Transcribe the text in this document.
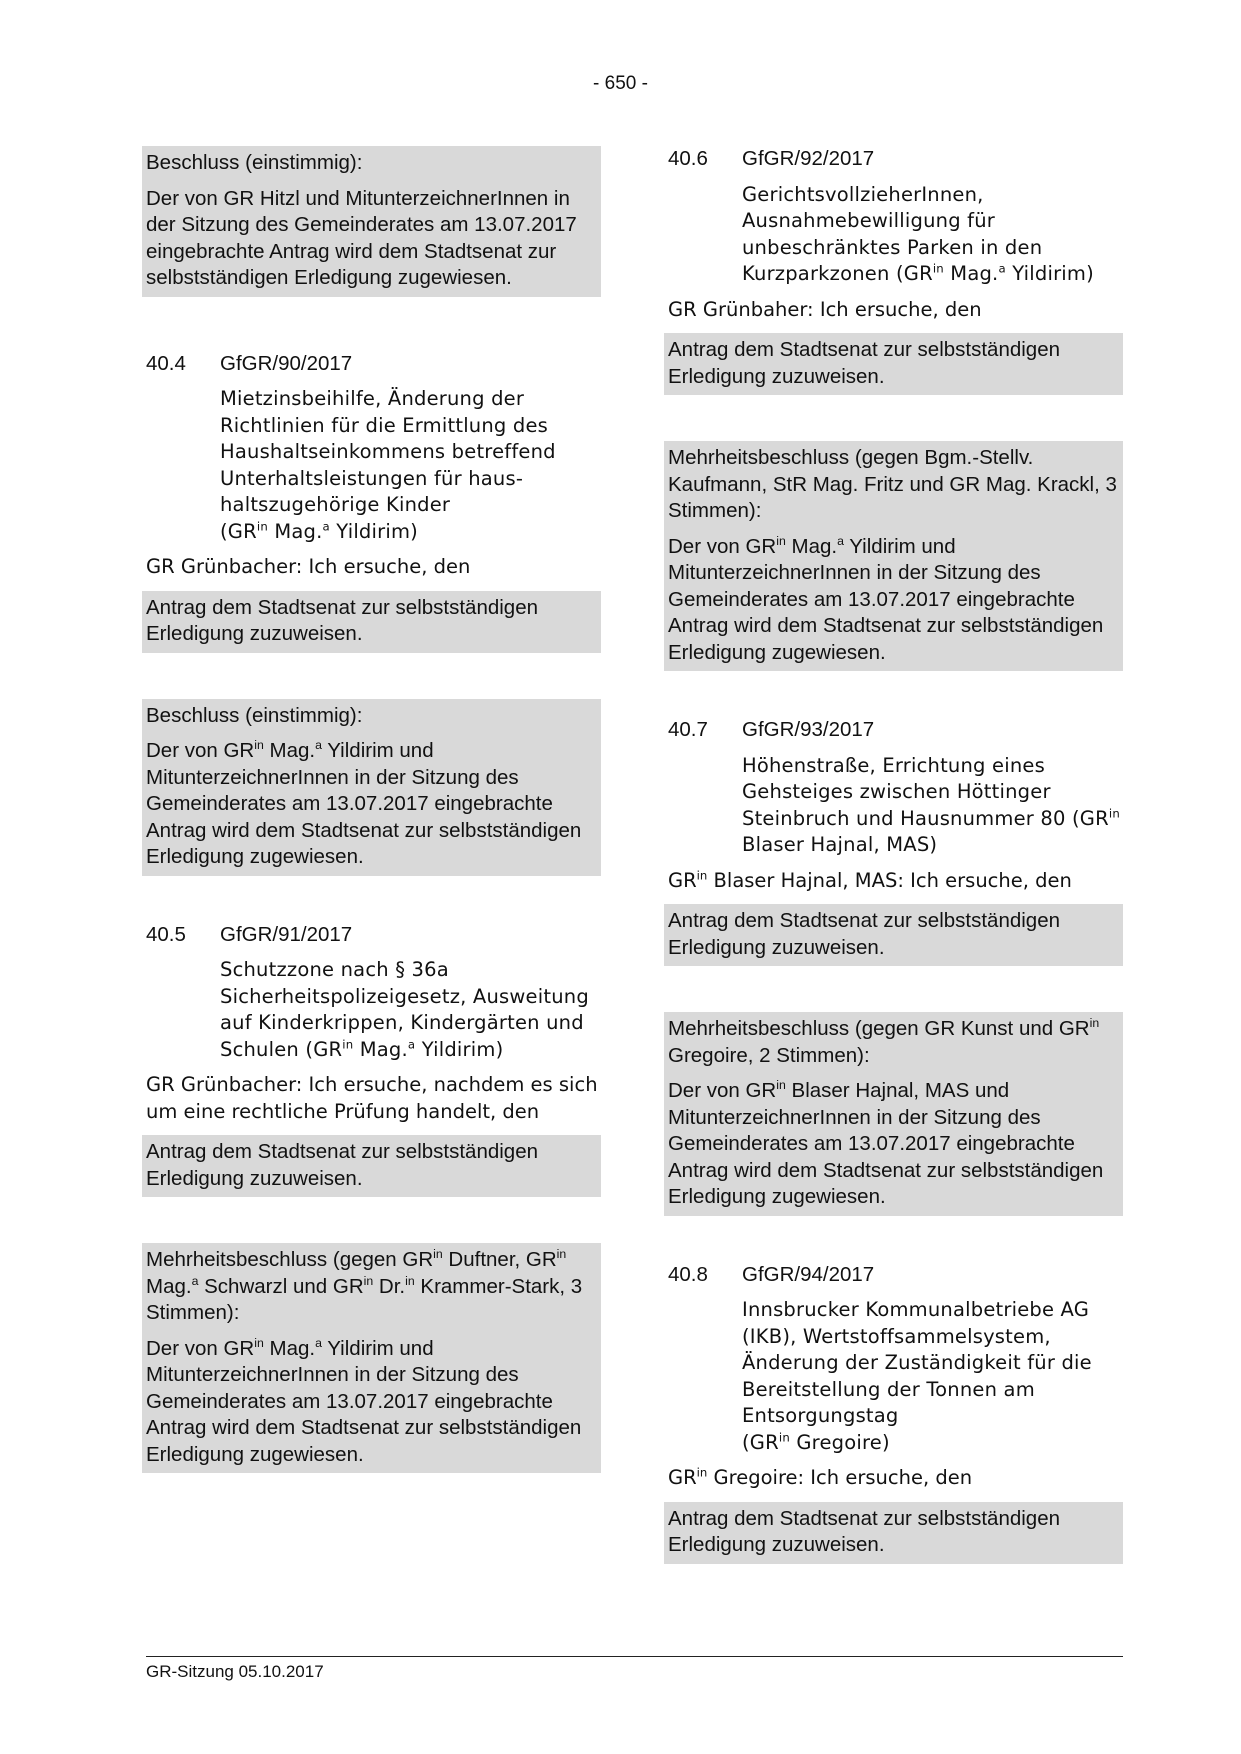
- 650 -

Beschluss (einstimmig):

Der von GR Hitzl und MitunterzeichnerInnen in der Sitzung des Gemeinderates am 13.07.2017 eingebrachte Antrag wird dem Stadtsenat zur selbstständigen Erledigung zugewiesen.

40.4	GfGR/90/2017
Mietzinsbeihilfe, Änderung der Richtlinien für die Ermittlung des Haushaltseinkommens betreffend Unterhaltsleistungen für haus-haltszugehörige Kinder
($GR^{in}$ Mag.$^a$ Yildirim)

GR Grünbacher: Ich ersuche, den

Antrag dem Stadtsenat zur selbstständigen Erledigung zuzuweisen.

Beschluss (einstimmig):

Der von $GR^{in}$ Mag.$^a$ Yildirim und MitunterzeichnerInnen in der Sitzung des Gemeinderates am 13.07.2017 eingebrachte Antrag wird dem Stadtsenat zur selbstständigen Erledigung zugewiesen.

40.5	GfGR/91/2017
Schutzzone nach § 36a Sicherheitspolizeigesetz, Ausweitung auf Kinderkrippen, Kindergärten und Schulen ($GR^{in}$ Mag.$^a$ Yildirim)

GR Grünbacher: Ich ersuche, nachdem es sich um eine rechtliche Prüfung handelt, den

Antrag dem Stadtsenat zur selbstständigen Erledigung zuzuweisen.

Mehrheitsbeschluss (gegen $GR^{in}$ Duftner, $GR^{in}$ Mag.$^a$ Schwarzl und $GR^{in}$ Dr.$^{in}$ Krammer-Stark, 3 Stimmen):

Der von $GR^{in}$ Mag.$^a$ Yildirim und MitunterzeichnerInnen in der Sitzung des Gemeinderates am 13.07.2017 eingebrachte Antrag wird dem Stadtsenat zur selbstständigen Erledigung zugewiesen.

40.6	GfGR/92/2017
GerichtsvollzieherInnen, Ausnahmebewilligung für unbeschränktes Parken in den Kurzparkzonen ($GR^{in}$ Mag.$^a$ Yildirim)

GR Grünbaher: Ich ersuche, den

Antrag dem Stadtsenat zur selbstständigen Erledigung zuzuweisen.

Mehrheitsbeschluss (gegen Bgm.-Stellv. Kaufmann, StR Mag. Fritz und GR Mag. Krackl, 3 Stimmen):

Der von $GR^{in}$ Mag.$^a$ Yildirim und MitunterzeichnerInnen in der Sitzung des Gemeinderates am 13.07.2017 eingebrachte Antrag wird dem Stadtsenat zur selbstständigen Erledigung zugewiesen.

40.7	GfGR/93/2017
Höhenstraße, Errichtung eines Gehsteiges zwischen Höttinger Steinbruch und Hausnummer 80 ($GR^{in}$ Blaser Hajnal, MAS)

$GR^{in}$ Blaser Hajnal, MAS: Ich ersuche, den

Antrag dem Stadtsenat zur selbstständigen Erledigung zuzuweisen.

Mehrheitsbeschluss (gegen GR Kunst und $GR^{in}$ Gregoire, 2 Stimmen):

Der von $GR^{in}$ Blaser Hajnal, MAS und MitunterzeichnerInnen in der Sitzung des Gemeinderates am 13.07.2017 eingebrachte Antrag wird dem Stadtsenat zur selbstständigen Erledigung zugewiesen.

40.8	GfGR/94/2017
Innsbrucker Kommunalbetriebe AG (IKB), Wertstoffsammelsystem, Änderung der Zuständigkeit für die Bereitstellung der Tonnen am Entsorgungstag
($GR^{in}$ Gregoire)

$GR^{in}$ Gregoire: Ich ersuche, den

Antrag dem Stadtsenat zur selbstständigen Erledigung zuzuweisen.

GR-Sitzung 05.10.2017
